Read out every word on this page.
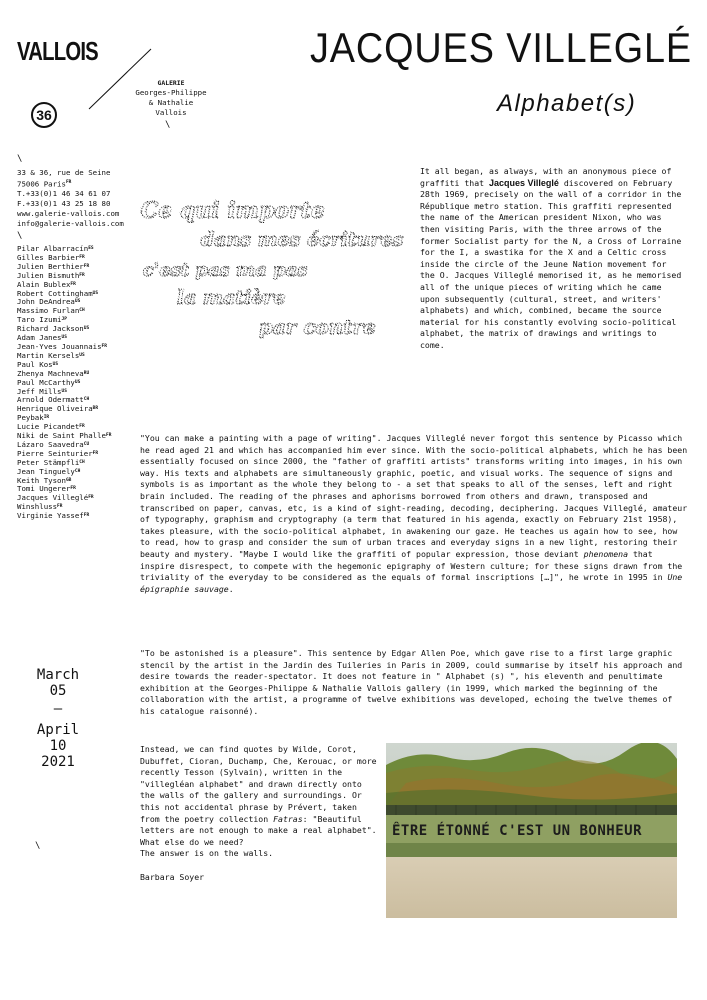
VALLOIS
36
GALERIE
Georges-Philippe
& Nathalie
Vallois
\
JACQUES VILLEGLÉ
Alphabet(s)
\
33 & 36, rue de Seine
75006 Paris$^{FR}$
T.+33(0)1 46 34 61 07
F.+33(0)1 43 25 18 80
www.galerie-vallois.com
info@galerie-vallois.com
\
Pilar Albarracín$^{ES}$
Gilles Barbier$^{FR}$
Julien Berthier$^{FR}$
Julien Bismuth$^{FR}$
Alain Bublex$^{FR}$
Robert Cottingham$^{US}$
John DeAndrea$^{US}$
Massimo Furlan$^{CH}$
Taro Izumi$^{JP}$
Richard Jackson$^{US}$
Adam Janes$^{US}$
Jean-Yves Jouannais$^{FR}$
Martin Kersels$^{US}$
Paul Kos$^{US}$
Zhenya Machneva$^{RU}$
Paul McCarthy$^{US}$
Jeff Mills$^{US}$
Arnold Odermatt$^{CH}$
Henrique Oliveira$^{BR}$
Peybak$^{IR}$
Lucie Picandet$^{FR}$
Niki de Saint Phalle$^{FR}$
Lázaro Saavedra$^{CU}$
Pierre Seinturier$^{FR}$
Peter Stämpfli$^{CH}$
Jean Tinguely$^{CH}$
Keith Tyson$^{GB}$
Tomi Ungerer$^{FR}$
Jacques Villeglé$^{FR}$
Winshluss$^{FR}$
Virginie Yassef$^{FR}$
March
05
—
April
10
2021
\
Ce qui importe
dans mes écritures
c'est pas ma pas
la matière
par contre
It all began, as always, with an anonymous piece of graffiti that Jacques Villeglé discovered on February 28th 1969, precisely on the wall of a corridor in the République metro station. This graffiti represented the name of the American president Nixon, who was then visiting Paris, with the three arrows of the former Socialist party for the N, a Cross of Lorraine for the I, a swastika for the X and a Celtic cross inside the circle of the Jeune Nation movement for the O. Jacques Villeglé memorised it, as he memorised all of the unique pieces of writing which he came upon subsequently (cultural, street, and writers' alphabets) and which, combined, became the source material for his constantly evolving socio-political alphabet, the matrix of drawings and writings to come.
"You can make a painting with a page of writing". Jacques Villeglé never forgot this sentence by Picasso which he read aged 21 and which has accompanied him ever since. With the socio-political alphabets, which he has been essentially focused on since 2000, the "father of graffiti artists" transforms writing into images, in his own way. His texts and alphabets are simultaneously graphic, poetic, and visual works. The sequence of signs and symbols is as important as the whole they belong to - a set that speaks to all of the senses, left and right brain included. The reading of the phrases and aphorisms borrowed from others and drawn, transposed and transcribed on paper, canvas, etc, is a kind of sight-reading, decoding, deciphering. Jacques Villeglé, amateur of typography, graphism and cryptography (a term that featured in his agenda, exactly on February 21st 1958), takes pleasure, with the socio-political alphabet, in awakening our gaze. He teaches us again how to see, how to read, how to grasp and consider the sum of urban traces and everyday signs in a new light, restoring their beauty and mystery. "Maybe I would like the graffiti of popular expression, those deviant phenomena that inspire disrespect, to compete with the hegemonic epigraphy of Western culture; for these signs drawn from the triviality of the everyday to be considered as the equals of formal inscriptions […]", he wrote in 1995 in Une épigraphie sauvage.
"To be astonished is a pleasure". This sentence by Edgar Allen Poe, which gave rise to a first large graphic stencil by the artist in the Jardin des Tuileries in Paris in 2009, could summarise by itself his approach and desire towards the reader-spectator. It does not feature in " Alphabet (s) ", his eleventh and penultimate exhibition at the Georges-Philippe & Nathalie Vallois gallery (in 1999, which marked the beginning of the collaboration with the artist, a programme of twelve exhibitions was developed, echoing the twelve themes of his catalogue raisonné).

Instead, we can find quotes by Wilde, Corot, Dubuffet, Cioran, Duchamp, Che, Kerouac, or more recently Tesson (Sylvain), written in the "villegléan alphabet" and drawn directly onto the walls of the gallery and surroundings. Or this not accidental phrase by Prévert, taken from the poetry collection Fatras: "Beautiful letters are not enough to make a real alphabet".

What else do we need?

The answer is on the walls.

Barbara Soyer

ÊTRE ÉTONNÉ C'EST UN BONHEUR
